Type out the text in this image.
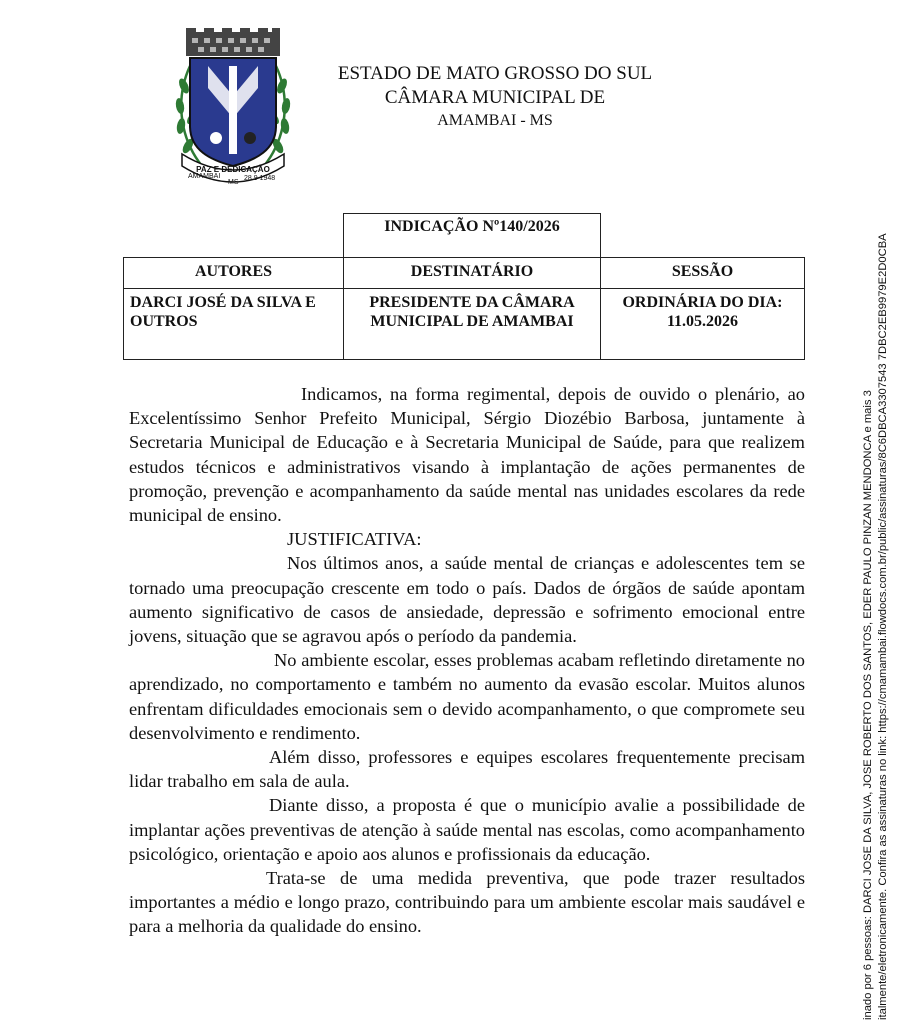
PAZ E DEDICAÇÃO
AMAMBAI
MS
28 9 1948
ESTADO DE MATO GROSSO DO SUL
CÂMARA MUNICIPAL DE
AMAMBAI - MS
	INDICAÇÃO Nº140/2026	
AUTORES	DESTINATÁRIO	SESSÃO
DARCI JOSÉ DA SILVA E OUTROS	PRESIDENTE DA CÂMARA MUNICIPAL DE AMAMBAI	ORDINÁRIA DO DIA: 11.05.2026

Indicamos, na forma regimental, depois de ouvido o plenário, ao Excelentíssimo Senhor Prefeito Municipal, Sérgio Diozébio Barbosa, juntamente à Secretaria Municipal de Educação e à Secretaria Municipal de Saúde, para que realizem estudos técnicos e administrativos visando à implantação de ações permanentes de promoção, prevenção e acompanhamento da saúde mental nas unidades escolares da rede municipal de ensino.

JUSTIFICATIVA:

Nos últimos anos, a saúde mental de crianças e adolescentes tem se tornado uma preocupação crescente em todo o país. Dados de órgãos de saúde apontam aumento significativo de casos de ansiedade, depressão e sofrimento emocional entre jovens, situação que se agravou após o período da pandemia.

No ambiente escolar, esses problemas acabam refletindo diretamente no aprendizado, no comportamento e também no aumento da evasão escolar. Muitos alunos enfrentam dificuldades emocionais sem o devido acompanhamento, o que compromete seu desenvolvimento e rendimento.

Além disso, professores e equipes escolares frequentemente precisam lidar trabalho em sala de aula.

Diante disso, a proposta é que o município avalie a possibilidade de implantar ações preventivas de atenção à saúde mental nas escolas, como acompanhamento psicológico, orientação e apoio aos alunos e profissionais da educação.

Trata-se de uma medida preventiva, que pode trazer resultados importantes a médio e longo prazo, contribuindo para um ambiente escolar mais saudável e para a melhoria da qualidade do ensino.	inado por 6 pessoas: DARCI JOSE DA SILVA, JOSE ROBERTO DOS SANTOS, EDER PAULO PINZAN MENDONCA e mais 3 italmente/eletronicamente. Confira as assinaturas no link: https://cmamambai.flowdocs.com.br/public/assinaturas/8C6DBCA3307543 7DBC2EB9979E2D0CBA
